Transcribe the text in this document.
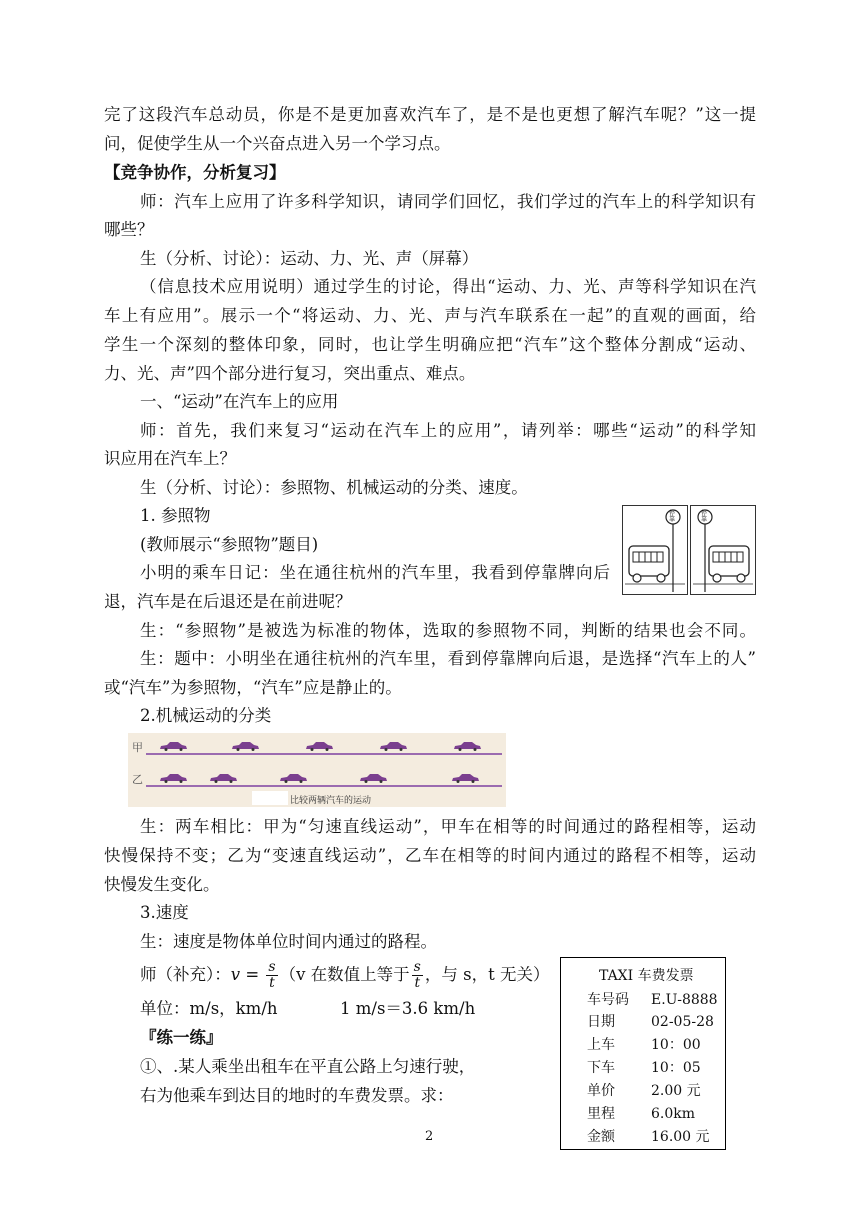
完了这段汽车总动员，你是不是更加喜欢汽车了，是不是也更想了解汽车呢？”这一提
问，促使学生从一个兴奋点进入另一个学习点。
【竞争协作，分析复习】
师：汽车上应用了许多科学知识，请同学们回忆，我们学过的汽车上的科学知识有
哪些？
生（分析、讨论）：运动、力、光、声（屏幕）
（信息技术应用说明）通过学生的讨论，得出“运动、力、光、声等科学知识在汽
车上有应用”。展示一个“将运动、力、光、声与汽车联系在一起”的直观的画面，给
学生一个深刻的整体印象，同时，也让学生明确应把“汽车”这个整体分割成“运动、
力、光、声”四个部分进行复习，突出重点、难点。
一、“运动”在汽车上的应用
师：首先，我们来复习“运动在汽车上的应用”，请列举：哪些“运动”的科学知
识应用在汽车上？
生（分析、讨论）：参照物、机械运动的分类、速度。
1. 参照物
(教师展示“参照物”题目)
小明的乘车日记：坐在通往杭州的汽车里，我看到停靠牌向后
退，汽车是在后退还是在前进呢？
生：“参照物”是被选为标准的物体，选取的参照物不同，判断的结果也会不同。
生：题中：小明坐在通往杭州的汽车里，看到停靠牌向后退，是选择“汽车上的人”
或“汽车”为参照物，“汽车”应是静止的。
2.机械运动的分类
甲
乙
比较两辆汽车的运动
生：两车相比：甲为“匀速直线运动”，甲车在相等的时间通过的路程相等，运动
快慢保持不变；乙为“变速直线运动”，乙车在相等的时间内通过的路程不相等，运动
快慢发生变化。
3.速度
生：速度是物体单位时间内通过的路程。
师（补充）：$v = \frac{s}{t} (v$ 在数值上等于 $\frac{s}{t}$ ，与 s，t 无关）
单位：m/s，km/h	1 m/s＝3.6 km/h
『练一练』
①、.某人乘坐出租车在平直公路上匀速行驶，
右为他乘车到达目的地时的车费发票。求：
停靠
停靠
TAXI 车费发票
车号码 E.U-8888
日期	02-05-28
上车	10：00
下车	10：05
单价	2.00 元
里程	6.0km
金额	16.00 元
2
